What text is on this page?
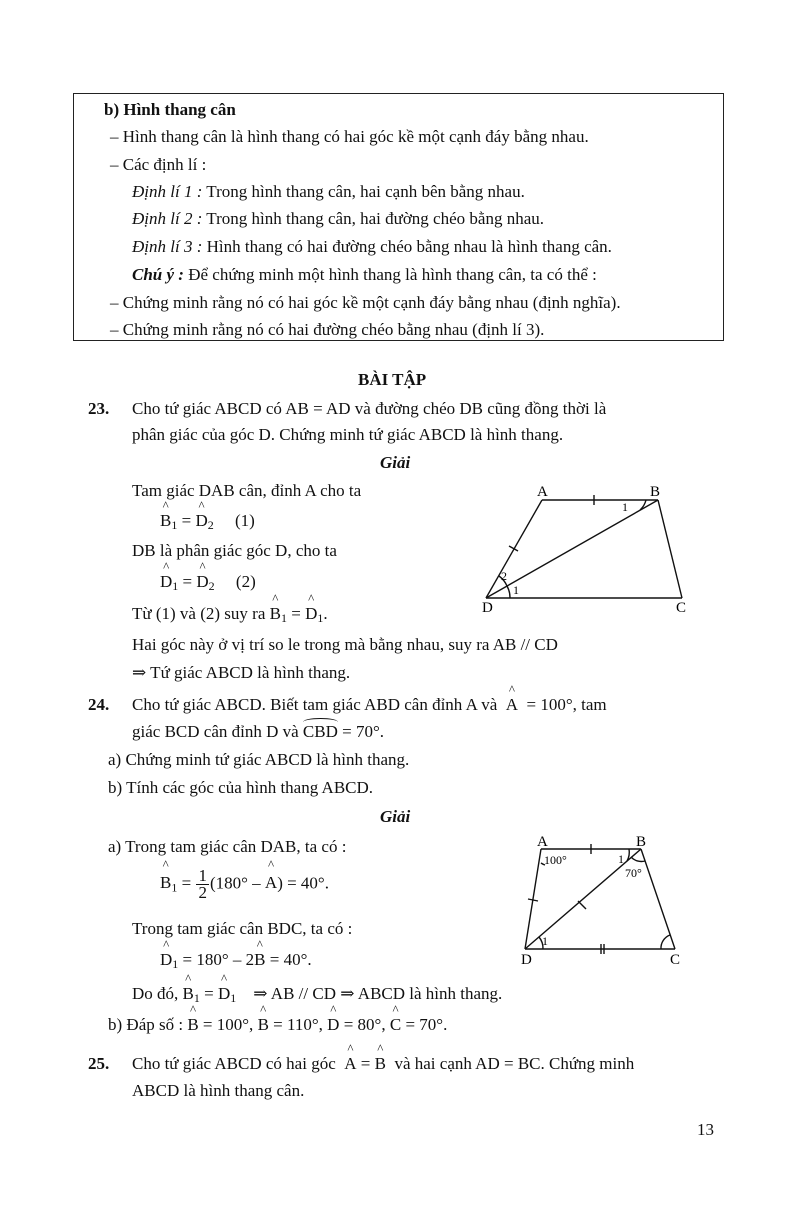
b) Hình thang cân
– Hình thang cân là hình thang có hai góc kề một cạnh đáy bằng nhau.
– Các định lí :
Định lí 1 : Trong hình thang cân, hai cạnh bên bằng nhau.
Định lí 2 : Trong hình thang cân, hai đường chéo bằng nhau.
Định lí 3 : Hình thang có hai đường chéo bằng nhau là hình thang cân.
Chú ý : Để chứng minh một hình thang là hình thang cân, ta có thể :
– Chứng minh rằng nó có hai góc kề một cạnh đáy bằng nhau (định nghĩa).
– Chứng minh rằng nó có hai đường chéo bằng nhau (định lí 3).
BÀI TẬP
23. Cho tứ giác ABCD có AB = AD và đường chéo DB cũng đồng thời là
phân giác của góc D. Chứng minh tứ giác ABCD là hình thang.
Giải
Tam giác DAB cân, đỉnh A cho ta
^ $B_1$ = ^ $D_2$ (1)
DB là phân giác góc D, cho ta
^ $D_1$ = ^ $D_2$ (2)
Từ (1) và (2) suy ra ^ $B_1$ = ^ $D_1$.
Hai góc này ở vị trí so le trong mà bằng nhau, suy ra AB // CD
⇒ Tứ giác ABCD là hình thang.
A	B
C
D
1
1
2
24. Cho tứ giác ABCD. Biết tam giác ABD cân đỉnh A và ^ A = 100°, tam
giác BCD cân đỉnh D và CBD = 70°.
a) Chứng minh tứ giác ABCD là hình thang.
b) Tính các góc của hình thang ABCD.
Giải
a) Trong tam giác cân DAB, ta có :
^ $B_1 = \frac{1}{2} (180^\circ$ – ^ A) = 40°.
Trong tam giác cân BDC, ta có :
^ $D_1 = 180^\circ$ – 2^ B = 40°.
Do đó, ^ $B_1$ = ^ $D_1$ ⇒ AB // CD ⇒ ABCD là hình thang.
b) Đáp số : ^ B = 100°, ^ B = 110°, ^ D = 80°, ^ C = 70°.
A	B
C
D
100°
70°
1
1
25. Cho tứ giác ABCD có hai góc ^ A = ^ B và hai cạnh AD = BC. Chứng minh
ABCD là hình thang cân.
13
